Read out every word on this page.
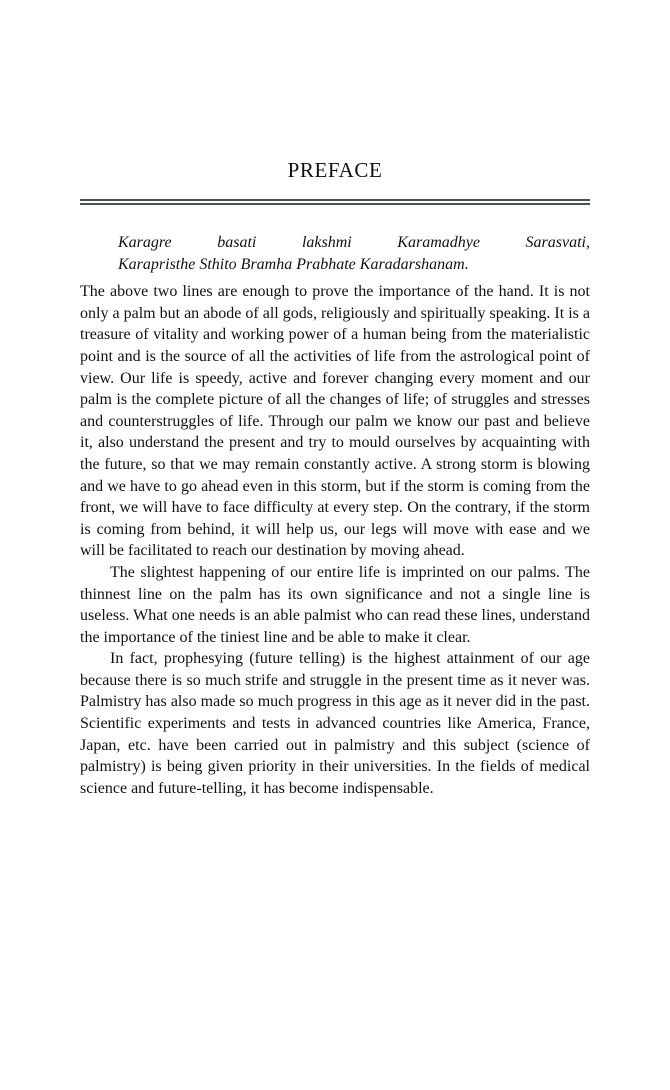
PREFACE
Karagre basati lakshmi Karamadhye Sarasvati,
Karapristhe Sthito Bramha Prabhate Karadarshanam.

The above two lines are enough to prove the importance of the hand. It is not only a palm but an abode of all gods, religiously and spiritually speaking. It is a treasure of vitality and working power of a human being from the materialistic point and is the source of all the activities of life from the astrological point of view. Our life is speedy, active and forever changing every moment and our palm is the complete picture of all the changes of life; of struggles and stresses and counterstruggles of life. Through our palm we know our past and believe it, also understand the present and try to mould ourselves by acquainting with the future, so that we may remain constantly active. A strong storm is blowing and we have to go ahead even in this storm, but if the storm is coming from the front, we will have to face difficulty at every step. On the contrary, if the storm is coming from behind, it will help us, our legs will move with ease and we will be facilitated to reach our destination by moving ahead.

The slightest happening of our entire life is imprinted on our palms. The thinnest line on the palm has its own significance and not a single line is useless. What one needs is an able palmist who can read these lines, understand the importance of the tiniest line and be able to make it clear.

In fact, prophesying (future telling) is the highest attainment of our age because there is so much strife and struggle in the present time as it never was. Palmistry has also made so much progress in this age as it never did in the past. Scientific experiments and tests in advanced countries like America, France, Japan, etc. have been carried out in palmistry and this subject (science of palmistry) is being given priority in their universities. In the fields of medical science and future-telling, it has become indispensable.
